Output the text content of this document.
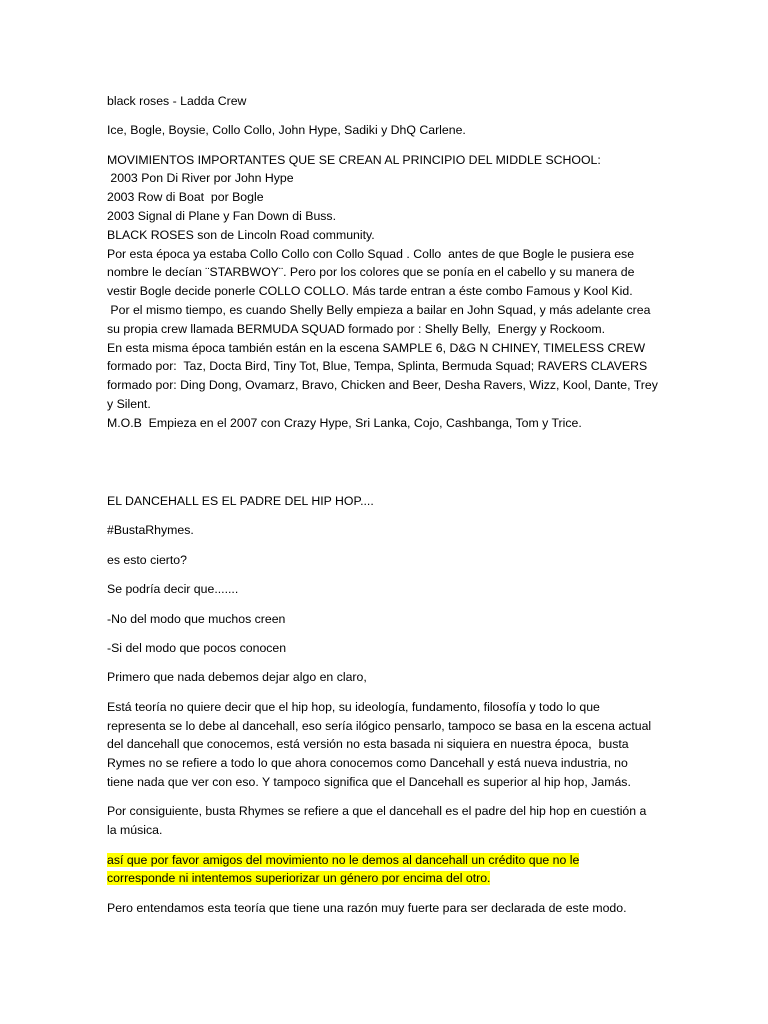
black roses - Ladda Crew

Ice, Bogle, Boysie, Collo Collo, John Hype, Sadiki y DhQ Carlene.

MOVIMIENTOS IMPORTANTES QUE SE CREAN AL PRINCIPIO DEL MIDDLE SCHOOL:
2003 Pon Di River por John Hype
2003 Row di Boat  por Bogle
2003 Signal di Plane y Fan Down di Buss.
BLACK ROSES son de Lincoln Road community.
Por esta época ya estaba Collo Collo con Collo Squad . Collo  antes de que Bogle le pusiera ese
nombre le decían ¨STARBWOY¨. Pero por los colores que se ponía en el cabello y su manera de
vestir Bogle decide ponerle COLLO COLLO. Más tarde entran a éste combo Famous y Kool Kid.
Por el mismo tiempo, es cuando Shelly Belly empieza a bailar en John Squad, y más adelante crea
su propia crew llamada BERMUDA SQUAD formado por : Shelly Belly,  Energy y Rockoom.
En esta misma época también están en la escena SAMPLE 6, D&G N CHINEY, TIMELESS CREW
formado por:  Taz, Docta Bird, Tiny Tot, Blue, Tempa, Splinta, Bermuda Squad; RAVERS CLAVERS
formado por: Ding Dong, Ovamarz, Bravo, Chicken and Beer, Desha Ravers, Wizz, Kool, Dante, Trey
y Silent.
M.O.B  Empieza en el 2007 con Crazy Hype, Sri Lanka, Cojo, Cashbanga, Tom y Trice.

EL DANCEHALL ES EL PADRE DEL HIP HOP....

#BustaRhymes.

es esto cierto?

Se podría decir que.......

-No del modo que muchos creen

-Si del modo que pocos conocen

Primero que nada debemos dejar algo en claro,

Está teoría no quiere decir que el hip hop, su ideología, fundamento, filosofía y todo lo que
representa se lo debe al dancehall, eso sería ilógico pensarlo, tampoco se basa en la escena actual
del dancehall que conocemos, está versión no esta basada ni siquiera en nuestra época,  busta
Rymes no se refiere a todo lo que ahora conocemos como Dancehall y está nueva industria, no
tiene nada que ver con eso. Y tampoco significa que el Dancehall es superior al hip hop, Jamás.

Por consiguiente, busta Rhymes se refiere a que el dancehall es el padre del hip hop en cuestión a
la música.

así que por favor amigos del movimiento no le demos al dancehall un crédito que no le
corresponde ni intentemos superiorizar un género por encima del otro.

Pero entendamos esta teoría que tiene una razón muy fuerte para ser declarada de este modo.
